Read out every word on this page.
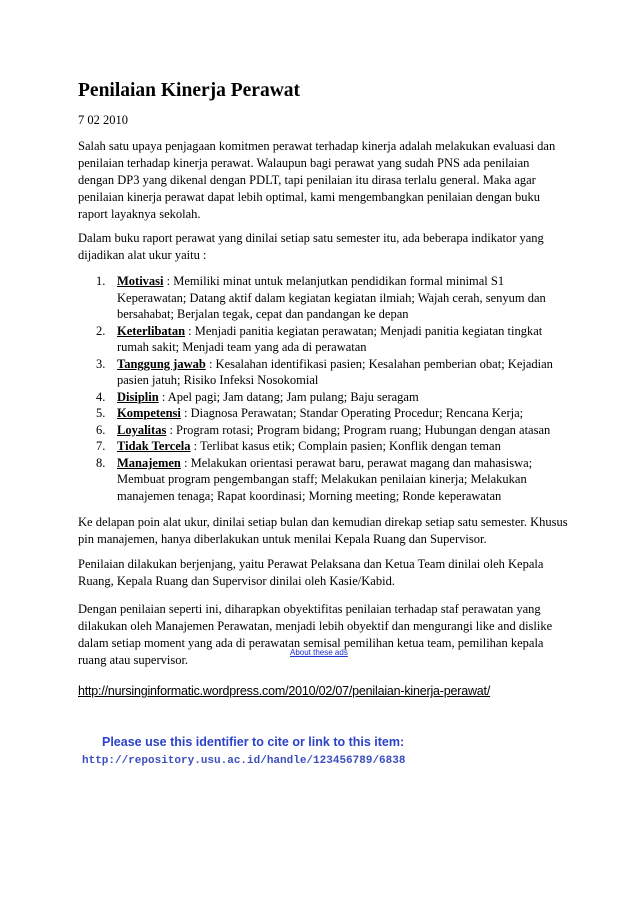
Penilaian Kinerja Perawat
7 02 2010

Salah satu upaya penjagaan komitmen perawat terhadap kinerja adalah melakukan evaluasi dan penilaian terhadap kinerja perawat. Walaupun bagi perawat yang sudah PNS ada penilaian dengan DP3 yang dikenal dengan PDLT, tapi penilaian itu dirasa terlalu general. Maka agar penilaian kinerja perawat dapat lebih optimal, kami mengembangkan penilaian dengan buku raport layaknya sekolah.

Dalam buku raport perawat yang dinilai setiap satu semester itu, ada beberapa indikator yang dijadikan alat ukur yaitu :

1. Motivasi : Memiliki minat untuk melanjutkan pendidikan formal minimal S1 Keperawatan; Datang aktif dalam kegiatan kegiatan ilmiah; Wajah cerah, senyum dan bersahabat; Berjalan tegak, cepat dan pandangan ke depan
2. Keterlibatan : Menjadi panitia kegiatan perawatan; Menjadi panitia kegiatan tingkat rumah sakit; Menjadi team yang ada di perawatan
3. Tanggung jawab : Kesalahan identifikasi pasien; Kesalahan pemberian obat; Kejadian pasien jatuh; Risiko Infeksi Nosokomial
4. Disiplin : Apel pagi; Jam datang; Jam pulang; Baju seragam
5. Kompetensi : Diagnosa Perawatan; Standar Operating Procedur; Rencana Kerja;
6. Loyalitas : Program rotasi; Program bidang; Program ruang; Hubungan dengan atasan
7. Tidak Tercela : Terlibat kasus etik; Complain pasien; Konflik dengan teman
8. Manajemen : Melakukan orientasi perawat baru, perawat magang dan mahasiswa; Membuat program pengembangan staff; Melakukan penilaian kinerja; Melakukan manajemen tenaga; Rapat koordinasi; Morning meeting; Ronde keperawatan

Ke delapan poin alat ukur, dinilai setiap bulan dan kemudian direkap setiap satu semester. Khusus pin manajemen, hanya diberlakukan untuk menilai Kepala Ruang dan Supervisor.

Penilaian dilakukan berjenjang, yaitu Perawat Pelaksana dan Ketua Team dinilai oleh Kepala Ruang, Kepala Ruang dan Supervisor dinilai oleh Kasie/Kabid.

Dengan penilaian seperti ini, diharapkan obyektifitas penilaian terhadap staf perawatan yang dilakukan oleh Manajemen Perawatan, menjadi lebih obyektif dan mengurangi like and dislike dalam setiap moment yang ada di perawatan semisal pemilihan ketua team, pemilihan kepala ruang atau supervisor.

About these ads
http://nursinginformatic.wordpress.com/2010/02/07/penilaian-kinerja-perawat/
Please use this identifier to cite or link to this item:
http://repository.usu.ac.id/handle/123456789/6838
